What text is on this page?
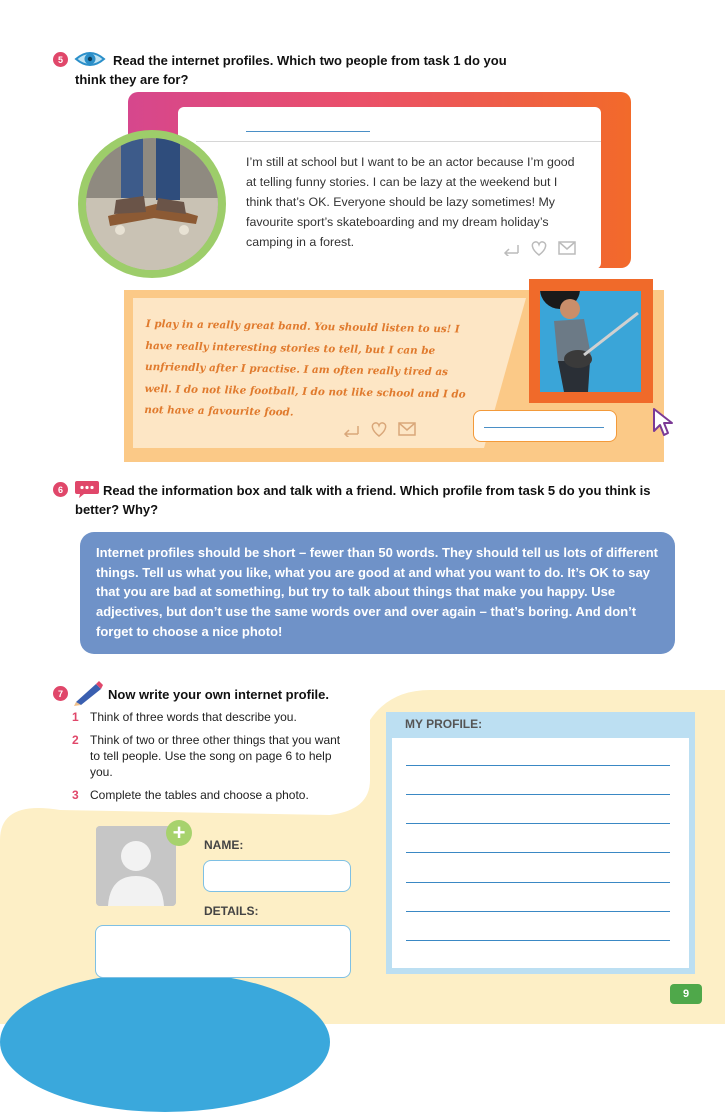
5	Read the internet profiles. Which two people from task 1 do you think they are for?
I’m still at school but I want to be an actor because I’m good at telling funny stories. I can be lazy at the weekend but I think that’s OK. Everyone should be lazy sometimes! My favourite sport’s skateboarding and my dream holiday’s camping in a forest.
I play in a really great band. You should listen to us! I have really interesting stories to tell, but I can be unfriendly after I practise. I am often really tired as well. I do not like football, I do not like school and I do not have a favourite food.
6	Read the information box and talk with a friend. Which profile from task 5 do you think is better? Why?
Internet profiles should be short – fewer than 50 words. They should tell us lots of different things. Tell us what you like, what you are good at and what you want to do. It’s OK to say that you are bad at something, but try to talk about things that make you happy. Use adjectives, but don’t use the same words over and over again – that’s boring. And don’t forget to choose a nice photo!
7	Now write your own internet profile.
1 Think of three words that describe you.
2 Think of two or three other things that you want to tell people. Use the song on page 6 to help you.
3 Complete the tables and choose a photo.
+	NAME:
DETAILS:
MY PROFILE:
9
